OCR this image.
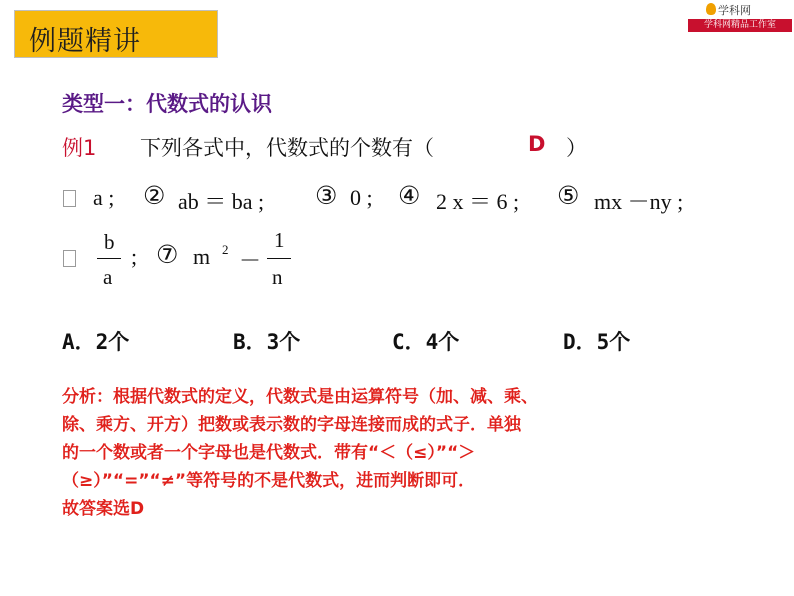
例题精讲
学科网
学科网精品工作室
类型一：代数式的认识
例1 下列各式中，代数式的个数有（	D ）
a ; ② ab ＝ ba ; ③ 0 ; ④ 2 x ＝ 6 ; ⑤ mx －ny ;
b
a
; ⑦ m 2 －
1
n
A．2个	B．3个	C．4个	D．5个
分析：根据代数式的定义，代数式是由运算符号（加、减、乘、
除、乘方、开方）把数或表示数的字母连接而成的式子．单独
的一个数或者一个字母也是代数式．带有“＜（≤）”“＞
（≥）”“=”“≠”等符号的不是代数式，进而判断即可．
故答案选D
